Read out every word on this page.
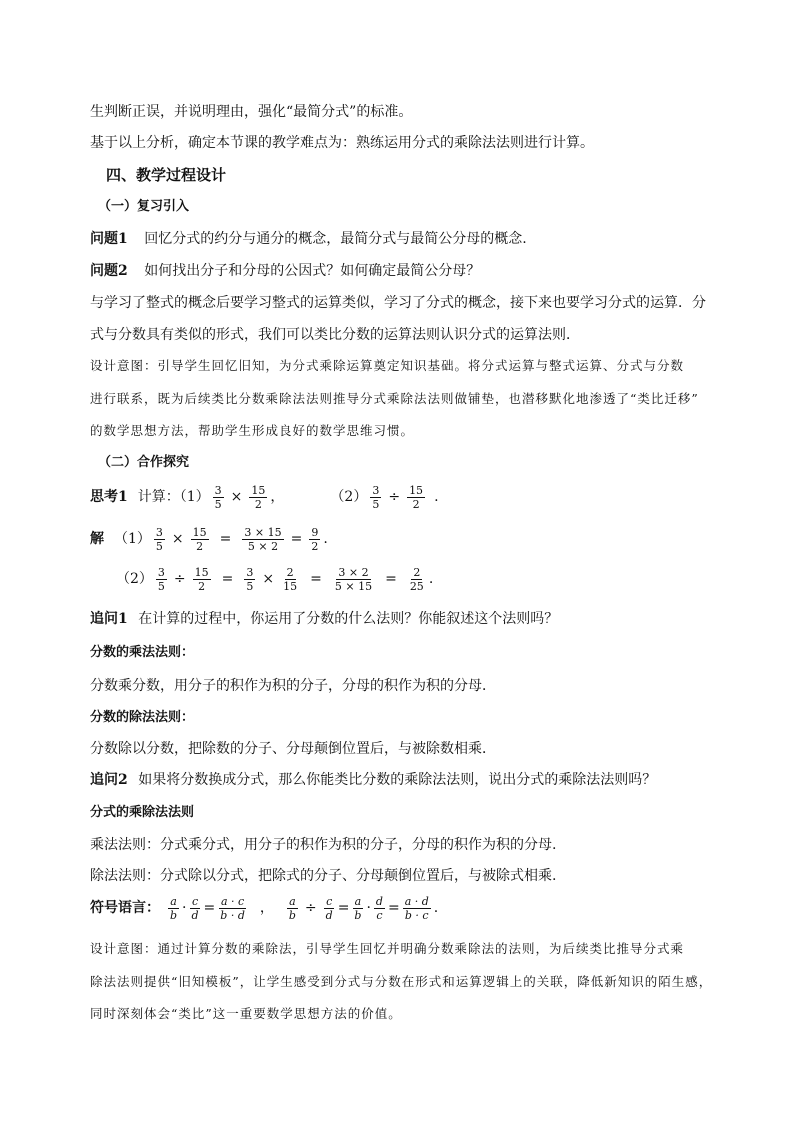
生判断正误，并说明理由，强化“最简分式”的标准。
基于以上分析，确定本节课的教学难点为：熟练运用分式的乘除法法则进行计算。
四、教学过程设计
（一）复习引入
问题1 回忆分式的约分与通分的概念，最简分式与最简公分母的概念.
问题2 如何找出分子和分母的公因式？如何确定最简公分母？
与学习了整式的概念后要学习整式的运算类似，学习了分式的概念，接下来也要学习分式的运算．分
式与分数具有类似的形式，我们可以类比分数的运算法则认识分式的运算法则．
设计意图：引导学生回忆旧知，为分式乘除运算奠定知识基础。将分式运算与整式运算、分式与分数
进行联系，既为后续类比分数乘除法法则推导分式乘除法法则做铺垫，也潜移默化地渗透了“类比迁移”
的数学思想方法，帮助学生形成良好的数学思维习惯。
（二）合作探究
思考1 计算：$(1) \frac{3}{5} \times \frac{15}{2}$ ，	$(2) \frac{3}{5} \div \frac{15}{2}$ .
解 $(1) \frac{3}{5} \times \frac{15}{2} = \frac{3 \times 15}{5 \times 2} = \frac{9}{2}$ .
$(2) \frac{3}{5} \div \frac{15}{2} = \frac{3}{5} \times \frac{2}{15} = \frac{3 \times 2}{5 \times 15} = \frac{2}{25}$ .
追问1 在计算的过程中，你运用了分数的什么法则？你能叙述这个法则吗？
分数的乘法法则：
分数乘分数，用分子的积作为积的分子，分母的积作为积的分母．
分数的除法法则：
分数除以分数，把除数的分子、分母颠倒位置后，与被除数相乘．
追问2 如果将分数换成分式，那么你能类比分数的乘除法法则，说出分式的乘除法法则吗？
分式的乘除法法则
乘法法则：分式乘分式，用分子的积作为积的分子，分母的积作为积的分母.
除法法则：分式除以分式，把除式的分子、分母颠倒位置后，与被除式相乘.
符号语言： $\frac{a}{b} \cdot \frac{c}{d} = \frac{a \cdot c}{b \cdot d}$ ， $\frac{a}{b} \div \frac{c}{d} = \frac{a}{b} \cdot \frac{d}{c} = \frac{a \cdot d}{b \cdot c}$ .
设计意图：通过计算分数的乘除法，引导学生回忆并明确分数乘除法的法则，为后续类比推导分式乘
除法法则提供“旧知模板”，让学生感受到分式与分数在形式和运算逻辑上的关联，降低新知识的陌生感，
同时深刻体会“类比”这一重要数学思想方法的价值。
